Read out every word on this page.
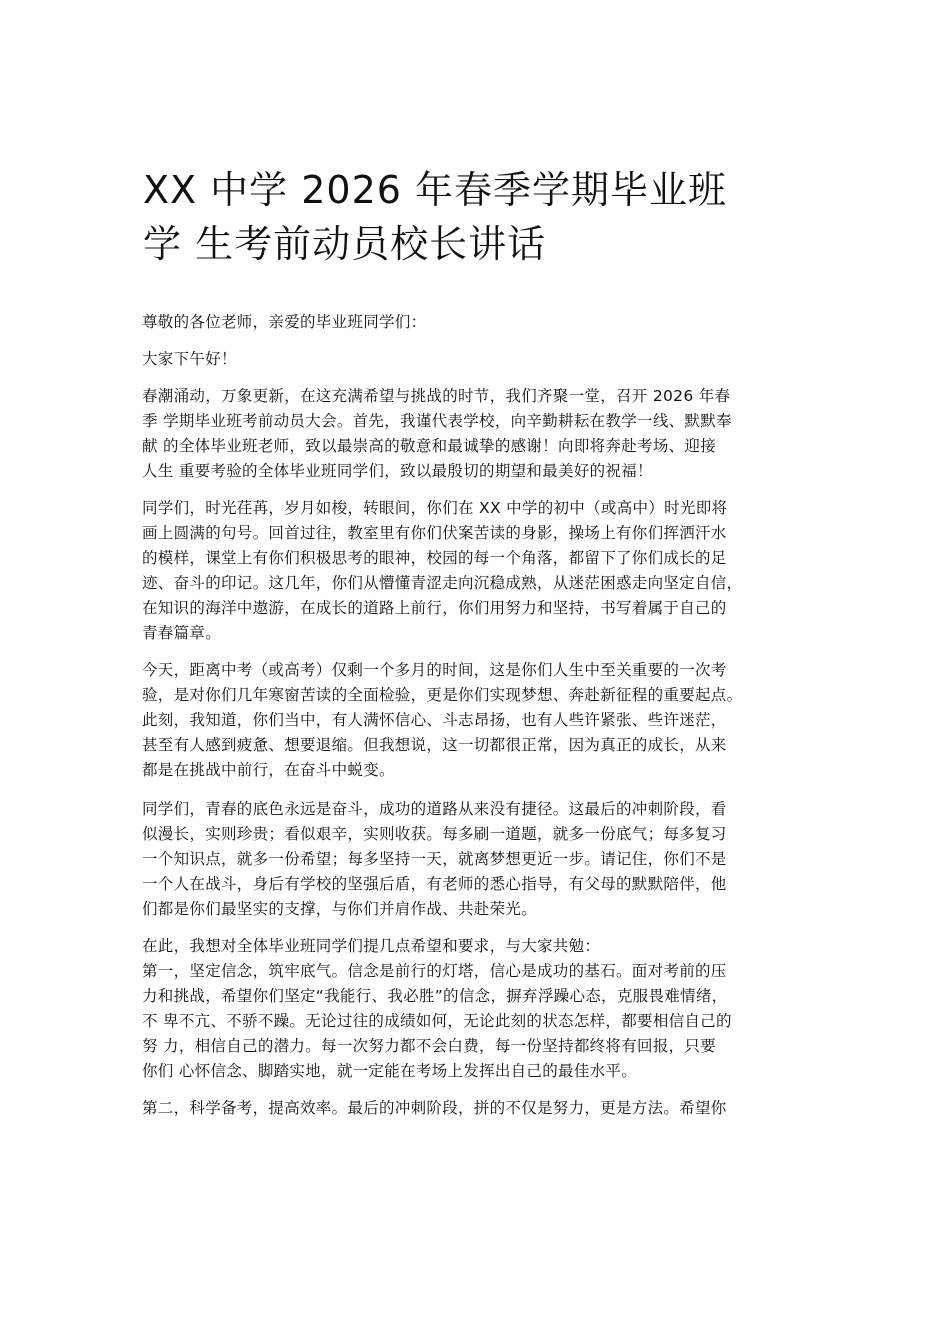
XX 中学 2026 年春季学期毕业班
学 生考前动员校长讲话

尊敬的各位老师，亲爱的毕业班同学们：

大家下午好！

春潮涌动，万象更新，在这充满希望与挑战的时节，我们齐聚一堂，召开 2026 年春
季 学期毕业班考前动员大会。首先，我谨代表学校，向辛勤耕耘在教学一线、默默奉
献 的全体毕业班老师，致以最崇高的敬意和最诚挚的感谢！向即将奔赴考场、迎接
人生 重要考验的全体毕业班同学们，致以最殷切的期望和最美好的祝福！

同学们，时光荏苒，岁月如梭，转眼间，你们在 XX 中学的初中（或高中）时光即将
画上圆满的句号。回首过往，教室里有你们伏案苦读的身影，操场上有你们挥洒汗水
的模样，课堂上有你们积极思考的眼神，校园的每一个角落，都留下了你们成长的足
迹、奋斗的印记。这几年，你们从懵懂青涩走向沉稳成熟，从迷茫困惑走向坚定自信，
在知识的海洋中遨游，在成长的道路上前行，你们用努力和坚持，书写着属于自己的
青春篇章。

今天，距离中考（或高考）仅剩一个多月的时间，这是你们人生中至关重要的一次考
验，是对你们几年寒窗苦读的全面检验，更是你们实现梦想、奔赴新征程的重要起点。
此刻，我知道，你们当中，有人满怀信心、斗志昂扬，也有人些许紧张、些许迷茫，
甚至有人感到疲惫、想要退缩。但我想说，这一切都很正常，因为真正的成长，从来
都是在挑战中前行，在奋斗中蜕变。

同学们，青春的底色永远是奋斗，成功的道路从来没有捷径。这最后的冲刺阶段，看
似漫长，实则珍贵；看似艰辛，实则收获。每多刷一道题，就多一份底气；每多复习
一个知识点，就多一份希望；每多坚持一天，就离梦想更近一步。请记住，你们不是
一个人在战斗，身后有学校的坚强后盾，有老师的悉心指导，有父母的默默陪伴，他
们都是你们最坚实的支撑，与你们并肩作战、共赴荣光。

在此，我想对全体毕业班同学们提几点希望和要求，与大家共勉：

第一，坚定信念，筑牢底气。信念是前行的灯塔，信心是成功的基石。面对考前的压
力和挑战，希望你们坚定“我能行、我必胜”的信念，摒弃浮躁心态，克服畏难情绪，
不 卑不亢、不骄不躁。无论过往的成绩如何，无论此刻的状态怎样，都要相信自己的
努 力，相信自己的潜力。每一次努力都不会白费，每一份坚持都终将有回报，只要
你们 心怀信念、脚踏实地，就一定能在考场上发挥出自己的最佳水平。

第二，科学备考，提高效率。最后的冲刺阶段，拼的不仅是努力，更是方法。希望你
